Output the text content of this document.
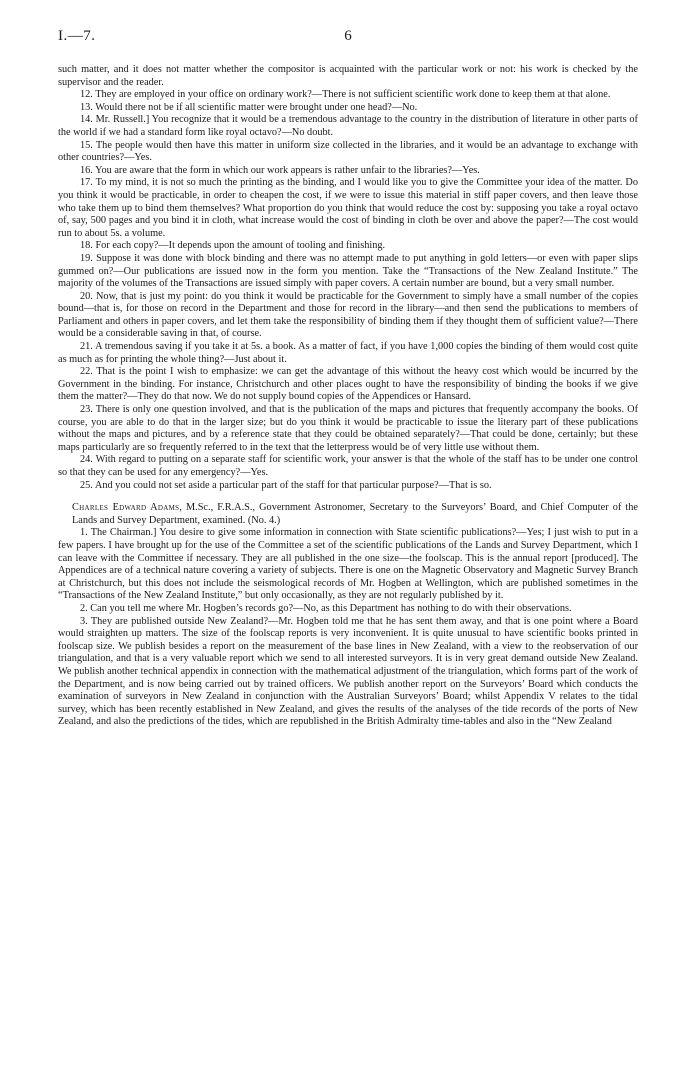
I.—7.	6

such matter, and it does not matter whether the compositor is acquainted with the particular work or not: his work is checked by the supervisor and the reader.

12. They are employed in your office on ordinary work?—There is not sufficient scientific work done to keep them at that alone.

13. Would there not be if all scientific matter were brought under one head?—No.

14. Mr. Russell.] You recognize that it would be a tremendous advantage to the country in the distribution of literature in other parts of the world if we had a standard form like royal octavo?—No doubt.

15. The people would then have this matter in uniform size collected in the libraries, and it would be an advantage to exchange with other countries?—Yes.

16. You are aware that the form in which our work appears is rather unfair to the libraries?—Yes.

17. To my mind, it is not so much the printing as the binding, and I would like you to give the Committee your idea of the matter. Do you think it would be practicable, in order to cheapen the cost, if we were to issue this material in stiff paper covers, and then leave those who take them up to bind them themselves? What proportion do you think that would reduce the cost by: supposing you take a royal octavo of, say, 500 pages and you bind it in cloth, what increase would the cost of binding in cloth be over and above the paper?—The cost would run to about 5s. a volume.

18. For each copy?—It depends upon the amount of tooling and finishing.

19. Suppose it was done with block binding and there was no attempt made to put anything in gold letters—or even with paper slips gummed on?—Our publications are issued now in the form you mention. Take the “Transactions of the New Zealand Institute.” The majority of the volumes of the Transactions are issued simply with paper covers. A certain number are bound, but a very small number.

20. Now, that is just my point: do you think it would be practicable for the Government to simply have a small number of the copies bound—that is, for those on record in the Department and those for record in the library—and then send the publications to members of Parliament and others in paper covers, and let them take the responsibility of binding them if they thought them of sufficient value?—There would be a considerable saving in that, of course.

21. A tremendous saving if you take it at 5s. a book. As a matter of fact, if you have 1,000 copies the binding of them would cost quite as much as for printing the whole thing?—Just about it.

22. That is the point I wish to emphasize: we can get the advantage of this without the heavy cost which would be incurred by the Government in the binding. For instance, Christchurch and other places ought to have the responsibility of binding the books if we give them the matter?—They do that now. We do not supply bound copies of the Appendices or Hansard.

23. There is only one question involved, and that is the publication of the maps and pictures that frequently accompany the books. Of course, you are able to do that in the larger size; but do you think it would be practicable to issue the literary part of these publications without the maps and pictures, and by a reference state that they could be obtained separately?—That could be done, certainly; but these maps particularly are so frequently referred to in the text that the letterpress would be of very little use without them.

24. With regard to putting on a separate staff for scientific work, your answer is that the whole of the staff has to be under one control so that they can be used for any emergency?—Yes.

25. And you could not set aside a particular part of the staff for that particular purpose?—That is so.

Charles Edward Adams, M.Sc., F.R.A.S., Government Astronomer, Secretary to the Surveyors’ Board, and Chief Computer of the Lands and Survey Department, examined. (No. 4.)

1. The Chairman.] You desire to give some information in connection with State scientific publications?—Yes; I just wish to put in a few papers. I have brought up for the use of the Committee a set of the scientific publications of the Lands and Survey Department, which I can leave with the Committee if necessary. They are all published in the one size—the foolscap. This is the annual report [produced]. The Appendices are of a technical nature covering a variety of subjects. There is one on the Magnetic Observatory and Magnetic Survey Branch at Christchurch, but this does not include the seismological records of Mr. Hogben at Wellington, which are published sometimes in the “Transactions of the New Zealand Institute,” but only occasionally, as they are not regularly published by it.

2. Can you tell me where Mr. Hogben’s records go?—No, as this Department has nothing to do with their observations.

3. They are published outside New Zealand?—Mr. Hogben told me that he has sent them away, and that is one point where a Board would straighten up matters. The size of the foolscap reports is very inconvenient. It is quite unusual to have scientific books printed in foolscap size. We publish besides a report on the measurement of the base lines in New Zealand, with a view to the reobservation of our triangulation, and that is a very valuable report which we send to all interested surveyors. It is in very great demand outside New Zealand. We publish another technical appendix in connection with the mathematical adjustment of the triangulation, which forms part of the work of the Department, and is now being carried out by trained officers. We publish another report on the Surveyors’ Board which conducts the examination of surveyors in New Zealand in conjunction with the Australian Surveyors’ Board; whilst Appendix V relates to the tidal survey, which has been recently established in New Zealand, and gives the results of the analyses of the tide records of the ports of New Zealand, and also the predictions of the tides, which are republished in the British Admiralty time-tables and also in the “New Zealand
